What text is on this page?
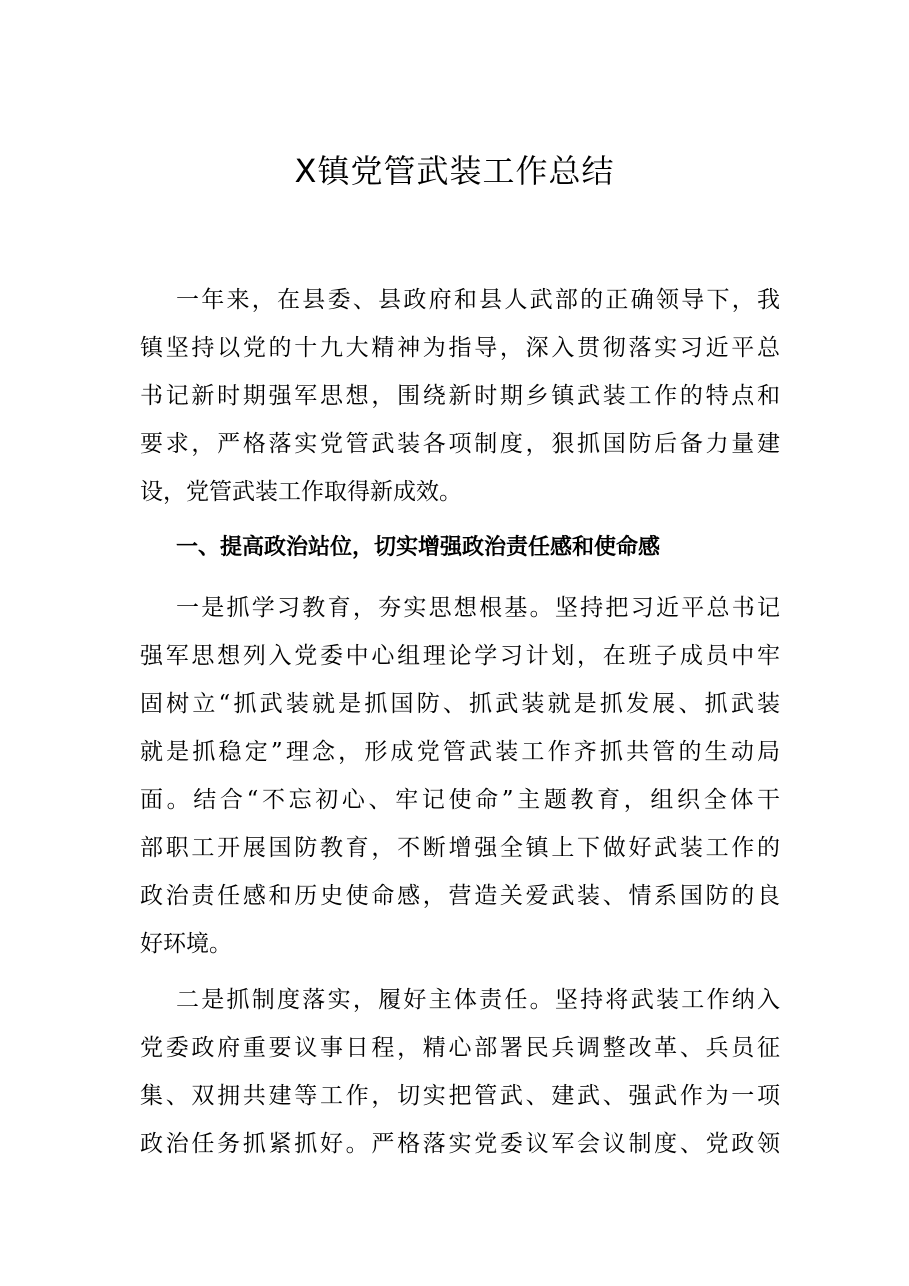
X镇党管武装工作总结
一年来，在县委、县政府和县人武部的正确领导下，我
镇坚持以党的十九大精神为指导，深入贯彻落实习近平总
书记新时期强军思想，围绕新时期乡镇武装工作的特点和
要求，严格落实党管武装各项制度，狠抓国防后备力量建
设，党管武装工作取得新成效。
一、提高政治站位，切实增强政治责任感和使命感
一是抓学习教育，夯实思想根基。坚持把习近平总书记
强军思想列入党委中心组理论学习计划，在班子成员中牢
固树立“抓武装就是抓国防、抓武装就是抓发展、抓武装
就是抓稳定”理念，形成党管武装工作齐抓共管的生动局
面。结合“不忘初心、牢记使命”主题教育，组织全体干
部职工开展国防教育，不断增强全镇上下做好武装工作的
政治责任感和历史使命感，营造关爱武装、情系国防的良
好环境。
二是抓制度落实，履好主体责任。坚持将武装工作纳入
党委政府重要议事日程，精心部署民兵调整改革、兵员征
集、双拥共建等工作，切实把管武、建武、强武作为一项
政治任务抓紧抓好。严格落实党委议军会议制度、党政领
